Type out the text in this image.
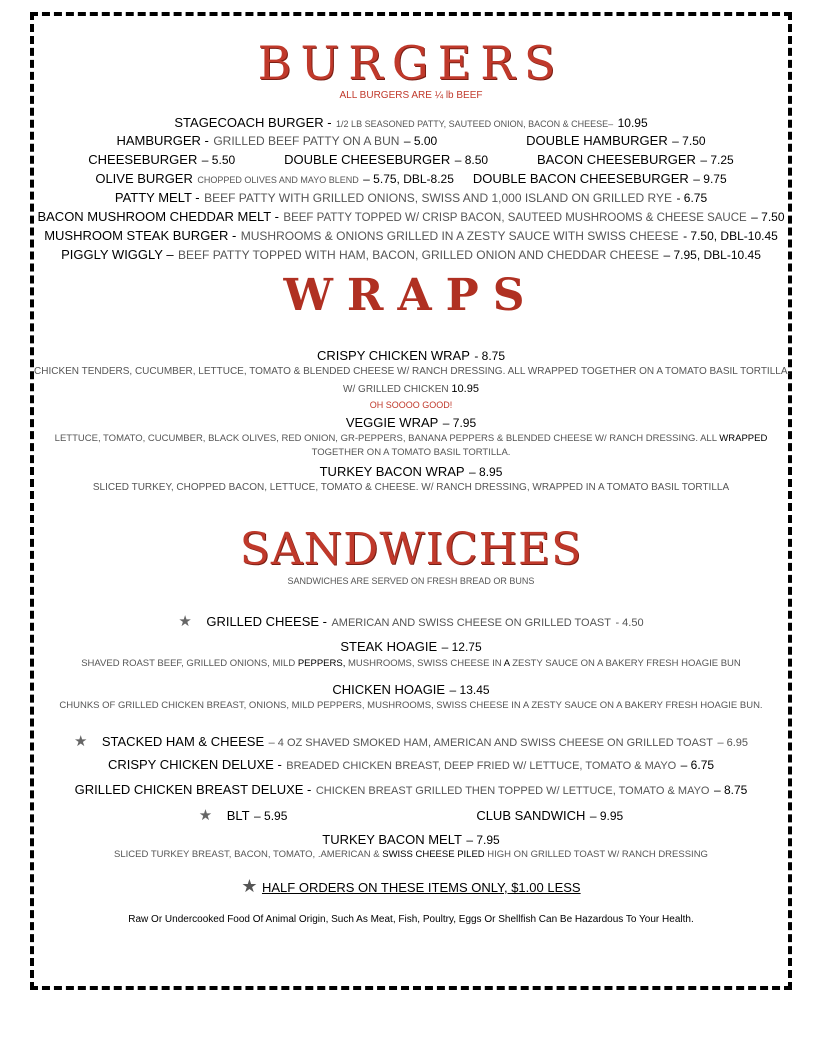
BURGERS
ALL BURGERS ARE ¼ lb BEEF
STAGECOACH BURGER - 1/2 LB SEASONED PATTY, SAUTEED ONION, BACON & CHEESE– 10.95
HAMBURGER - GRILLED BEEF PATTY ON A BUN – 5.00	DOUBLE HAMBURGER – 7.50
CHEESEBURGER – 5.50	DOUBLE CHEESEBURGER – 8.50	BACON CHEESEBURGER – 7.25
OLIVE BURGER CHOPPED OLIVES AND MAYO BLEND – 5.75, DBL-8.25 DOUBLE BACON CHEESEBURGER – 9.75
PATTY MELT - BEEF PATTY WITH GRILLED ONIONS, SWISS AND 1,000 ISLAND ON GRILLED RYE - 6.75
BACON MUSHROOM CHEDDAR MELT - BEEF PATTY TOPPED W/ CRISP BACON, SAUTEED MUSHROOMS & CHEESE SAUCE – 7.50
MUSHROOM STEAK BURGER - MUSHROOMS & ONIONS GRILLED IN A ZESTY SAUCE WITH SWISS CHEESE - 7.50, DBL-10.45
PIGGLY WIGGLY – BEEF PATTY TOPPED WITH HAM, BACON, GRILLED ONION AND CHEDDAR CHEESE – 7.95, DBL-10.45
WRAPS
CRISPY CHICKEN WRAP - 8.75
CHICKEN TENDERS, CUCUMBER, LETTUCE, TOMATO & BLENDED CHEESE W/ RANCH DRESSING. ALL WRAPPED TOGETHER ON A TOMATO BASIL TORTILLA.
W/ GRILLED CHICKEN 10.95
OH SOOOO GOOD!
VEGGIE WRAP – 7.95
LETTUCE, TOMATO, CUCUMBER, BLACK OLIVES, RED ONION, GR-PEPPERS, BANANA PEPPERS & BLENDED CHEESE W/ RANCH DRESSING. ALL WRAPPED
TOGETHER ON A TOMATO BASIL TORTILLA.
TURKEY BACON WRAP – 8.95
SLICED TURKEY, CHOPPED BACON, LETTUCE, TOMATO & CHEESE. W/ RANCH DRESSING, WRAPPED IN A TOMATO BASIL TORTILLA
SANDWICHES
SANDWICHES ARE SERVED ON FRESH BREAD OR BUNS
★ GRILLED CHEESE - AMERICAN AND SWISS CHEESE ON GRILLED TOAST - 4.50
STEAK HOAGIE – 12.75
SHAVED ROAST BEEF, GRILLED ONIONS, MILD PEPPERS, MUSHROOMS, SWISS CHEESE IN A ZESTY SAUCE ON A BAKERY FRESH HOAGIE BUN
CHICKEN HOAGIE – 13.45
CHUNKS OF GRILLED CHICKEN BREAST, ONIONS, MILD PEPPERS, MUSHROOMS, SWISS CHEESE IN A ZESTY SAUCE ON A BAKERY FRESH HOAGIE BUN.
★ STACKED HAM & CHEESE – 4 OZ SHAVED SMOKED HAM, AMERICAN AND SWISS CHEESE ON GRILLED TOAST – 6.95
CRISPY CHICKEN DELUXE - BREADED CHICKEN BREAST, DEEP FRIED W/ LETTUCE, TOMATO & MAYO – 6.75
GRILLED CHICKEN BREAST DELUXE - CHICKEN BREAST GRILLED THEN TOPPED W/ LETTUCE, TOMATO & MAYO – 8.75
★ BLT – 5.95	CLUB SANDWICH – 9.95
TURKEY BACON MELT – 7.95
SLICED TURKEY BREAST, BACON, TOMATO, .AMERICAN & SWISS CHEESE PILED HIGH ON GRILLED TOAST W/ RANCH DRESSING
★ HALF ORDERS ON THESE ITEMS ONLY, $1.00 LESS
Raw Or Undercooked Food Of Animal Origin, Such As Meat, Fish, Poultry, Eggs Or Shellfish Can Be Hazardous To Your Health.
